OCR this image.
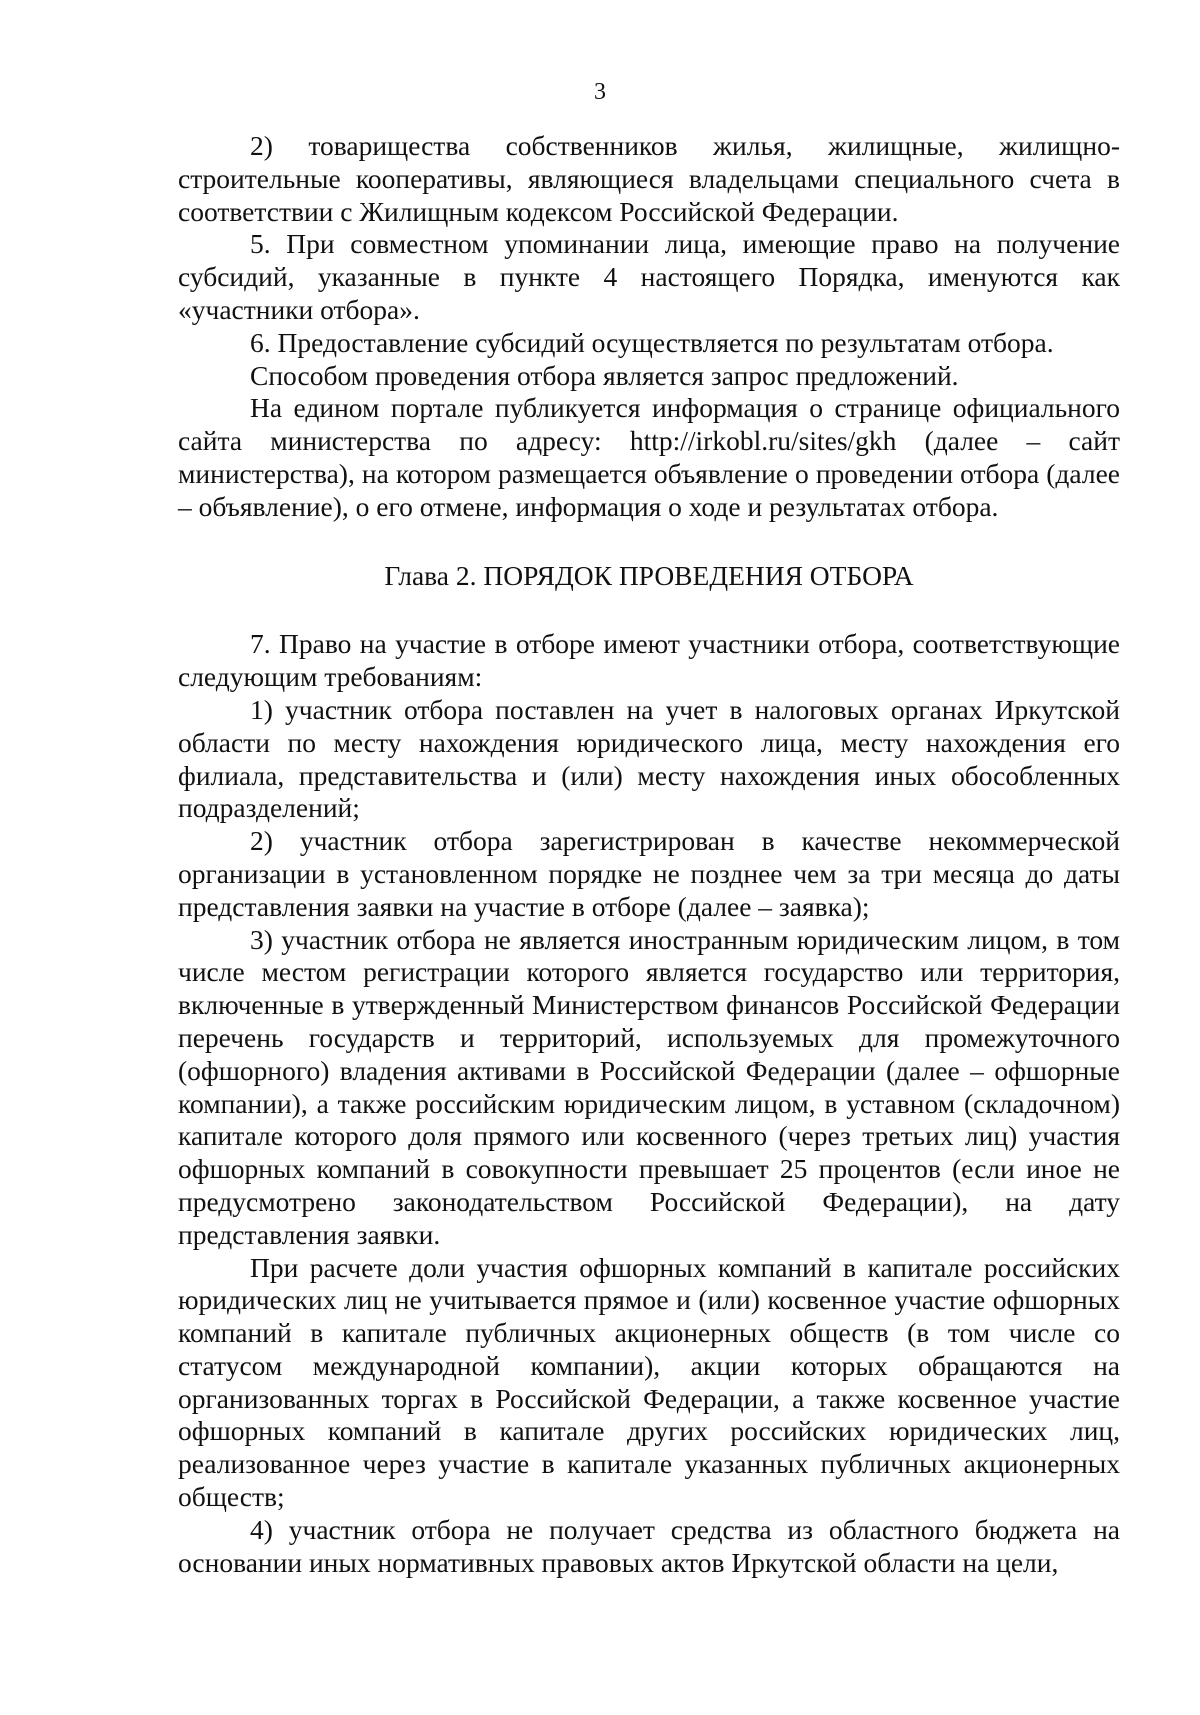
3

2) товарищества собственников жилья, жилищные, жилищно-строительные кооперативы, являющиеся владельцами специального счета в соответствии с Жилищным кодексом Российской Федерации.

5. При совместном упоминании лица, имеющие право на получение субсидий, указанные в пункте 4 настоящего Порядка, именуются как «участники отбора».

6. Предоставление субсидий осуществляется по результатам отбора.

Способом проведения отбора является запрос предложений.

На едином портале публикуется информация о странице официального сайта министерства по адресу: http://irkobl.ru/sites/gkh (далее – сайт министерства), на котором размещается объявление о проведении отбора (далее – объявление), о его отмене, информация о ходе и результатах отбора.

Глава 2. ПОРЯДОК ПРОВЕДЕНИЯ ОТБОРА

7. Право на участие в отборе имеют участники отбора, соответствующие следующим требованиям:

1) участник отбора поставлен на учет в налоговых органах Иркутской области по месту нахождения юридического лица, месту нахождения его филиала, представительства и (или) месту нахождения иных обособленных подразделений;

2) участник отбора зарегистрирован в качестве некоммерческой организации в установленном порядке не позднее чем за три месяца до даты представления заявки на участие в отборе (далее – заявка);

3) участник отбора не является иностранным юридическим лицом, в том числе местом регистрации которого является государство или территория, включенные в утвержденный Министерством финансов Российской Федерации перечень государств и территорий, используемых для промежуточного (офшорного) владения активами в Российской Федерации (далее – офшорные компании), а также российским юридическим лицом, в уставном (складочном) капитале которого доля прямого или косвенного (через третьих лиц) участия офшорных компаний в совокупности превышает 25 процентов (если иное не предусмотрено законодательством Российской Федерации), на дату представления заявки.

При расчете доли участия офшорных компаний в капитале российских юридических лиц не учитывается прямое и (или) косвенное участие офшорных компаний в капитале публичных акционерных обществ (в том числе со статусом международной компании), акции которых обращаются на организованных торгах в Российской Федерации, а также косвенное участие офшорных компаний в капитале других российских юридических лиц, реализованное через участие в капитале указанных публичных акционерных обществ;

4) участник отбора не получает средства из областного бюджета на основании иных нормативных правовых актов Иркутской области на цели,
